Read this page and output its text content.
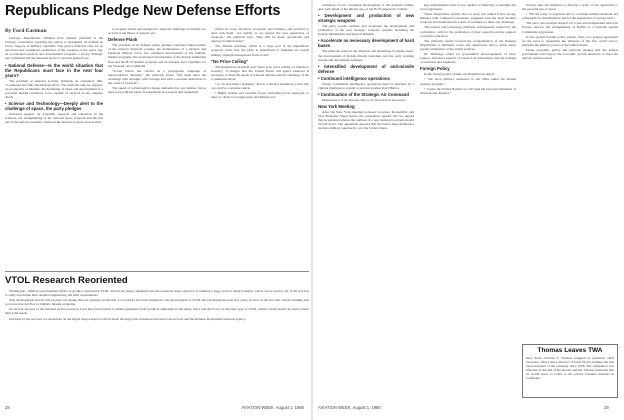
Republicans Pledge New Defense Efforts
By Ford Eastman

Chicago—Republicans affirmed their defense platform at the Chicago convention, pledging the nation to strengthen its defense in every category of military capability. The party's platform calls for an increased and continuous production of the weapons of the space age, an accelerated research and development program, a strong Strategic Air Command and the deterrent power to prevent general war.

• National Defense—Is the world situation that the Republicans must face in the next four years?

The problem of national security demands an organized, fully coordinated and fully modernized effort. The platform calls for stepped-up production of missiles, the hardening of bases and development of a powerful mobile retaliatory force capable of survival in any surprise attack.

• Science and Technology—Deeply alert to the challenge of space, the party pledges

increased support for scientific research and education in the sciences, the strengthening of the national space program and the full use of the nation's scientific talents in the interest of peace and security.

is properly armed and equipped to meet the challenge of limited war as well as the threat of general war.

Defense Plank

The platform, in its defense plank, pledges continued improvement of the nation's deterrent posture, the maintenance of a modern and balanced military force, the continued development of the ballistic missile programs, the accelerated development of the Polaris submarine fleet and the B-70 bomber program, and an airborne alert capability for the Strategic Air Command.

"Soviet Union has carried on a propaganda campaign of unprecedented intensity," the platform states. "We must meet the challenge with strength, with courage and with a resolute dedication to the cause of freedom."

The speed of technological change demands that our defense forces keep pace with the latest developments in weapons and equipment.

efforts in every direction, economic and military, and political to deal with them. "As rapidly as we perfect the new generation of weapons," the platform says, "they will be made operational and deployed without delay."

The defense platform, which is a large part of the Republican program, states that the party is determined to maintain an overall military strength unsurpassed in the world.

"No Price Ceiling"

The Republican platform said "there is no price ceiling on America's security." It pledges that the United States will spend whatever is necessary to meet the needs of national defense and the challenge of the Communist threat.

• A "second-strike capability," that is, a nuclear retaliatory power that can survive a surprise attack.

• Highly mobile and versatile forces, including forces deployed, to deter or check local aggression and limited war.

retaliatory forces, continued development of the manned bomber and, well ahead of the missile age, of the B-70 supersonic bomber.

• Development and production of new strategic weapons

The party would continue and accelerate the development and production of the new strategic weapons systems including the Polaris, Minuteman and Skybolt missiles.

• Accelerate as necessary development of hard bases

The platform calls for the dispersal and hardening of missile bases, the development of mobile missile launchers and the early warning system and anti-missile defenses.

• Intensified development of anti-missile defense
• Continued intelligence operations

Strong Communist intelligence operations must be matched by a vigilant intelligence system to prevent another Pearl Harbor.

• Continuation of the Strategic Air Command

Maintenance of an airborne alert to be increased as necessary.

New York Meeting

After the New York meeting between Governor Rockefeller and Vice President Nixon before the convention opened, the two agreed that in national defense the outlines of a new national program should be laid down. The agreement stressed that the nation must maintain a decisive military superiority over the Soviet Union.

key establishment with forces capable of deterring or meeting any local aggression.

These imperatives require that we keep our armed forces strong, manned with competent personnel, equipped with the most modern weapons and maintained in a state of readiness to meet any challenge.

The science and technology platform, subsequently adopted by the convention, calls for the promotion of basic research and the support of science education.

The platform clearly favored the reorganization of the Defense Department to eliminate waste and duplication and to bring about greater unification of the armed services.

Dr. Dubridge called for government encouragement of basic science, increased support of research in universities and the training of scientists and engineers.

Foreign Policy

In the foreign policy planks, the Republicans urged:

• "We favor military assistance to our allies under the mutual security program."

• "Under the United Nations we will seek the peaceful settlement of international disputes."

Nations take the initiative to develop a body of law applicable to the peaceful use of space.

• "We are ready to negotiate and to conclude suitable methods and safeguards for disarmament, and for the suspension of nuclear tests."

The party also pledged support for a free and independent nation in Europe and for the strengthening of NATO as a bulwark against Communist aggression.

In the several foreign policy planks, there was general agreement on the need to strengthen the alliances of the free world and to maintain the military power of the United States.

Under economic policy, the platform pledges that the federal government will support the economic growth necessary to meet the nation's defense needs.

VTOL Research Reoriented

Washington—Military development efforts to produce operational VTOL aircraft are being channeled into the transition stage objective of building a large vertical rising transport which can be used by all of the services to study and define their detailed engineering and field requirements.

This development aircraft will provide test design data for quantity production. Low priority has been assigned to the development of VTOL aircraft during the next few years, in view of the fact that a major funding will go toward the Air Force's ballistic missile programs.

As all four services of the national service secretary level have been turned to obtain agreement from technical authorities in the Army, Navy and Air Force on the basic type of VTOL vehicle which should be used to meet their joint needs.

Decision by the services to concentrate on the single large transport will be made through joint evaluation between both services and the Defense Department research agency.

Thomas Leaves TWA
New York—Charles S. Thomas resigned as president, chief executive officer and a director of Trans World Airlines. He had been president of the company since 1958. The resignation was effective at the end of the month, and Mr. Thomas indicated that he would leave to return to his private business interests in California.
28	AVIATION WEEK, August 1, 1960	AVIATION WEEK, August 1, 1960	29
